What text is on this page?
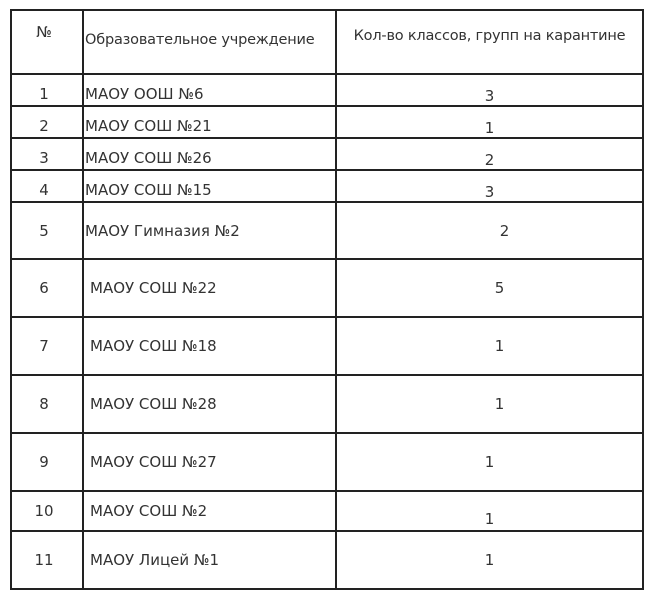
№	Образовательное учреждение	Кол-во классов, групп на карантине
1	МАОУ ООШ №6	3
2	МАОУ СОШ №21	1
3	МАОУ СОШ №26	2
4	МАОУ СОШ №15	3
5	МАОУ Гимназия №2	2
6	МАОУ СОШ №22	5
7	МАОУ СОШ №18	1
8	МАОУ СОШ №28	1
9	МАОУ СОШ №27	1
10	МАОУ СОШ №2	1
11	МАОУ Лицей №1	1
